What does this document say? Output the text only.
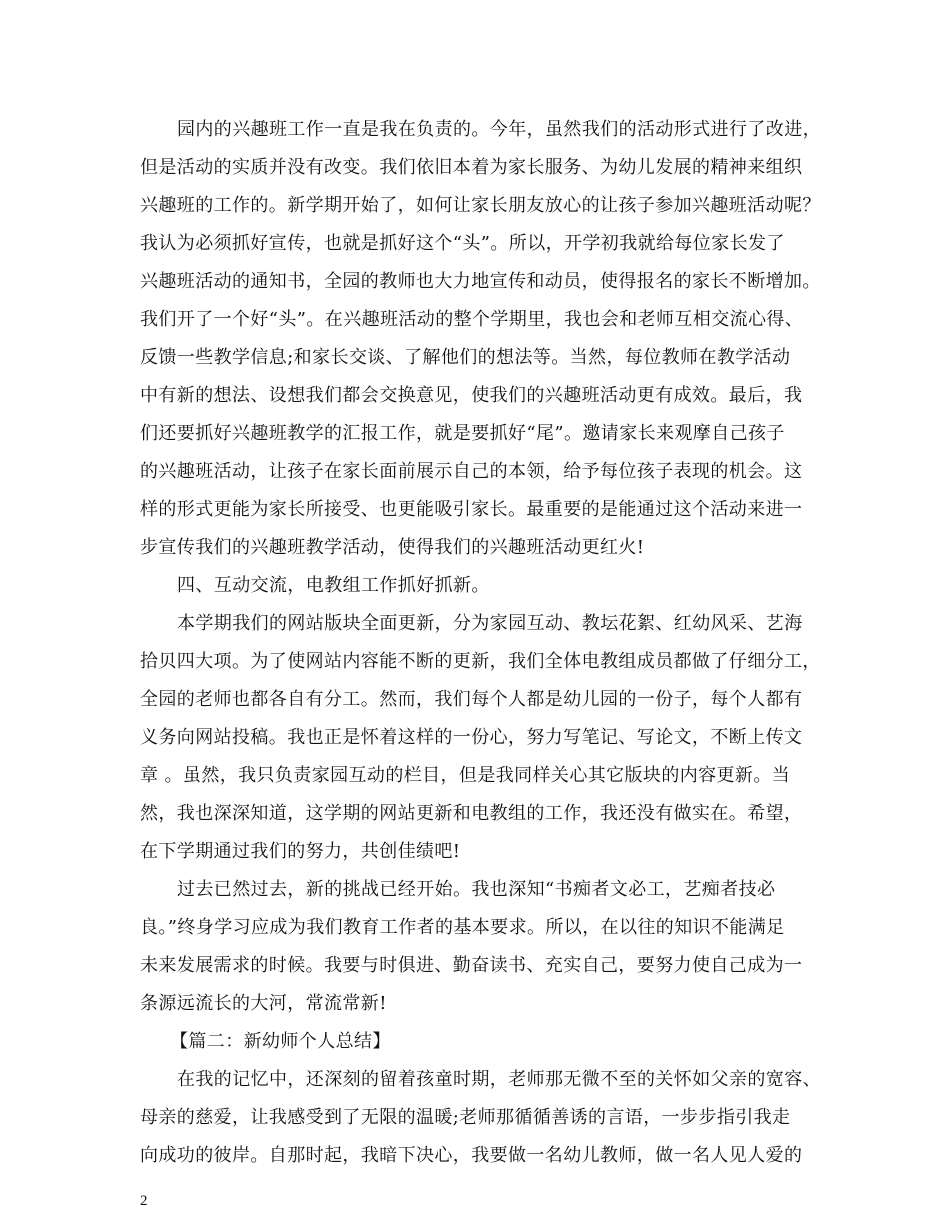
园内的兴趣班工作一直是我在负责的。今年，虽然我们的活动形式进行了改进，
但是活动的实质并没有改变。我们依旧本着为家长服务、为幼儿发展的精神来组织
兴趣班的工作的。新学期开始了，如何让家长朋友放心的让孩子参加兴趣班活动呢？
我认为必须抓好宣传，也就是抓好这个“头”。所以，开学初我就给每位家长发了
兴趣班活动的通知书，全园的教师也大力地宣传和动员，使得报名的家长不断增加。
我们开了一个好“头”。在兴趣班活动的整个学期里，我也会和老师互相交流心得、
反馈一些教学信息;和家长交谈、了解他们的想法等。当然，每位教师在教学活动
中有新的想法、设想我们都会交换意见，使我们的兴趣班活动更有成效。最后，我
们还要抓好兴趣班教学的汇报工作，就是要抓好“尾”。邀请家长来观摩自己孩子
的兴趣班活动，让孩子在家长面前展示自己的本领，给予每位孩子表现的机会。这
样的形式更能为家长所接受、也更能吸引家长。最重要的是能通过这个活动来进一
步宣传我们的兴趣班教学活动，使得我们的兴趣班活动更红火!
四、互动交流，电教组工作抓好抓新。
本学期我们的网站版块全面更新，分为家园互动、教坛花絮、红幼风采、艺海
拾贝四大项。为了使网站内容能不断的更新，我们全体电教组成员都做了仔细分工，
全园的老师也都各自有分工。然而，我们每个人都是幼儿园的一份子，每个人都有
义务向网站投稿。我也正是怀着这样的一份心，努力写笔记、写论文，不断上传文
章 。虽然，我只负责家园互动的栏目，但是我同样关心其它版块的内容更新。当
然，我也深深知道，这学期的网站更新和电教组的工作，我还没有做实在。希望，
在下学期通过我们的努力，共创佳绩吧!
过去已然过去，新的挑战已经开始。我也深知“书痴者文必工，艺痴者技必
良。”终身学习应成为我们教育工作者的基本要求。所以，在以往的知识不能满足
未来发展需求的时候。我要与时俱进、勤奋读书、充实自己，要努力使自己成为一
条源远流长的大河，常流常新!
【篇二：新幼师个人总结】
在我的记忆中，还深刻的留着孩童时期，老师那无微不至的关怀如父亲的宽容、
母亲的慈爱，让我感受到了无限的温暖;老师那循循善诱的言语，一步步指引我走
向成功的彼岸。自那时起，我暗下决心，我要做一名幼儿教师，做一名人见人爱的
2
